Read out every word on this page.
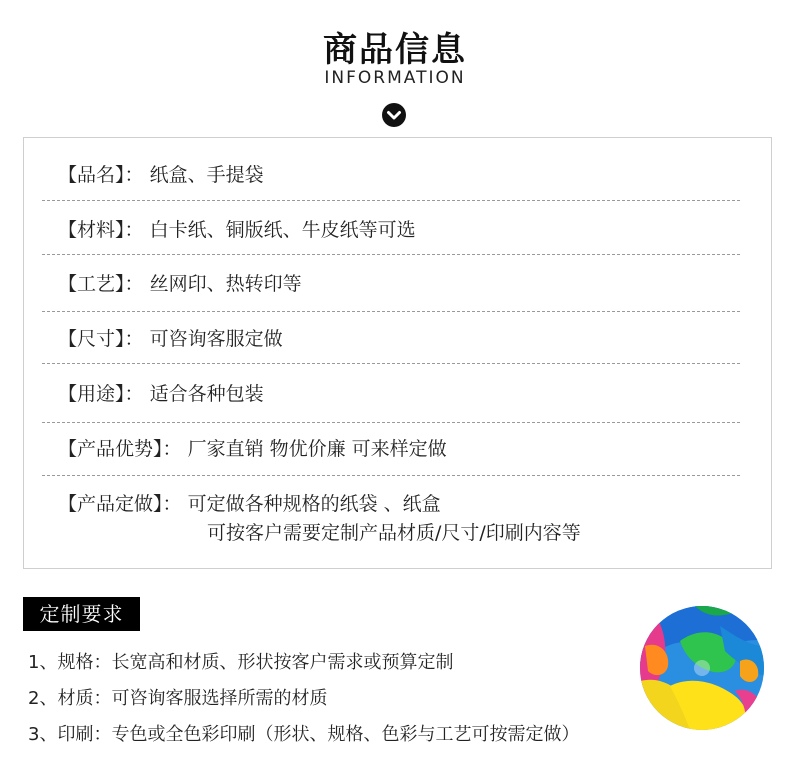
商品信息
INFORMATION
【品名】： 纸盒、手提袋
【材料】： 白卡纸、铜版纸、牛皮纸等可选
【工艺】： 丝网印、热转印等
【尺寸】： 可咨询客服定做
【用途】： 适合各种包装
【产品优势】： 厂家直销 物优价廉 可来样定做
【产品定做】： 可定做各种规格的纸袋 、纸盒
可按客户需要定制产品材质/尺寸/印刷内容等
定制要求
1、规格：长宽高和材质、形状按客户需求或预算定制
2、材质：可咨询客服选择所需的材质
3、印刷：专色或全色彩印刷（形状、规格、色彩与工艺可按需定做）
